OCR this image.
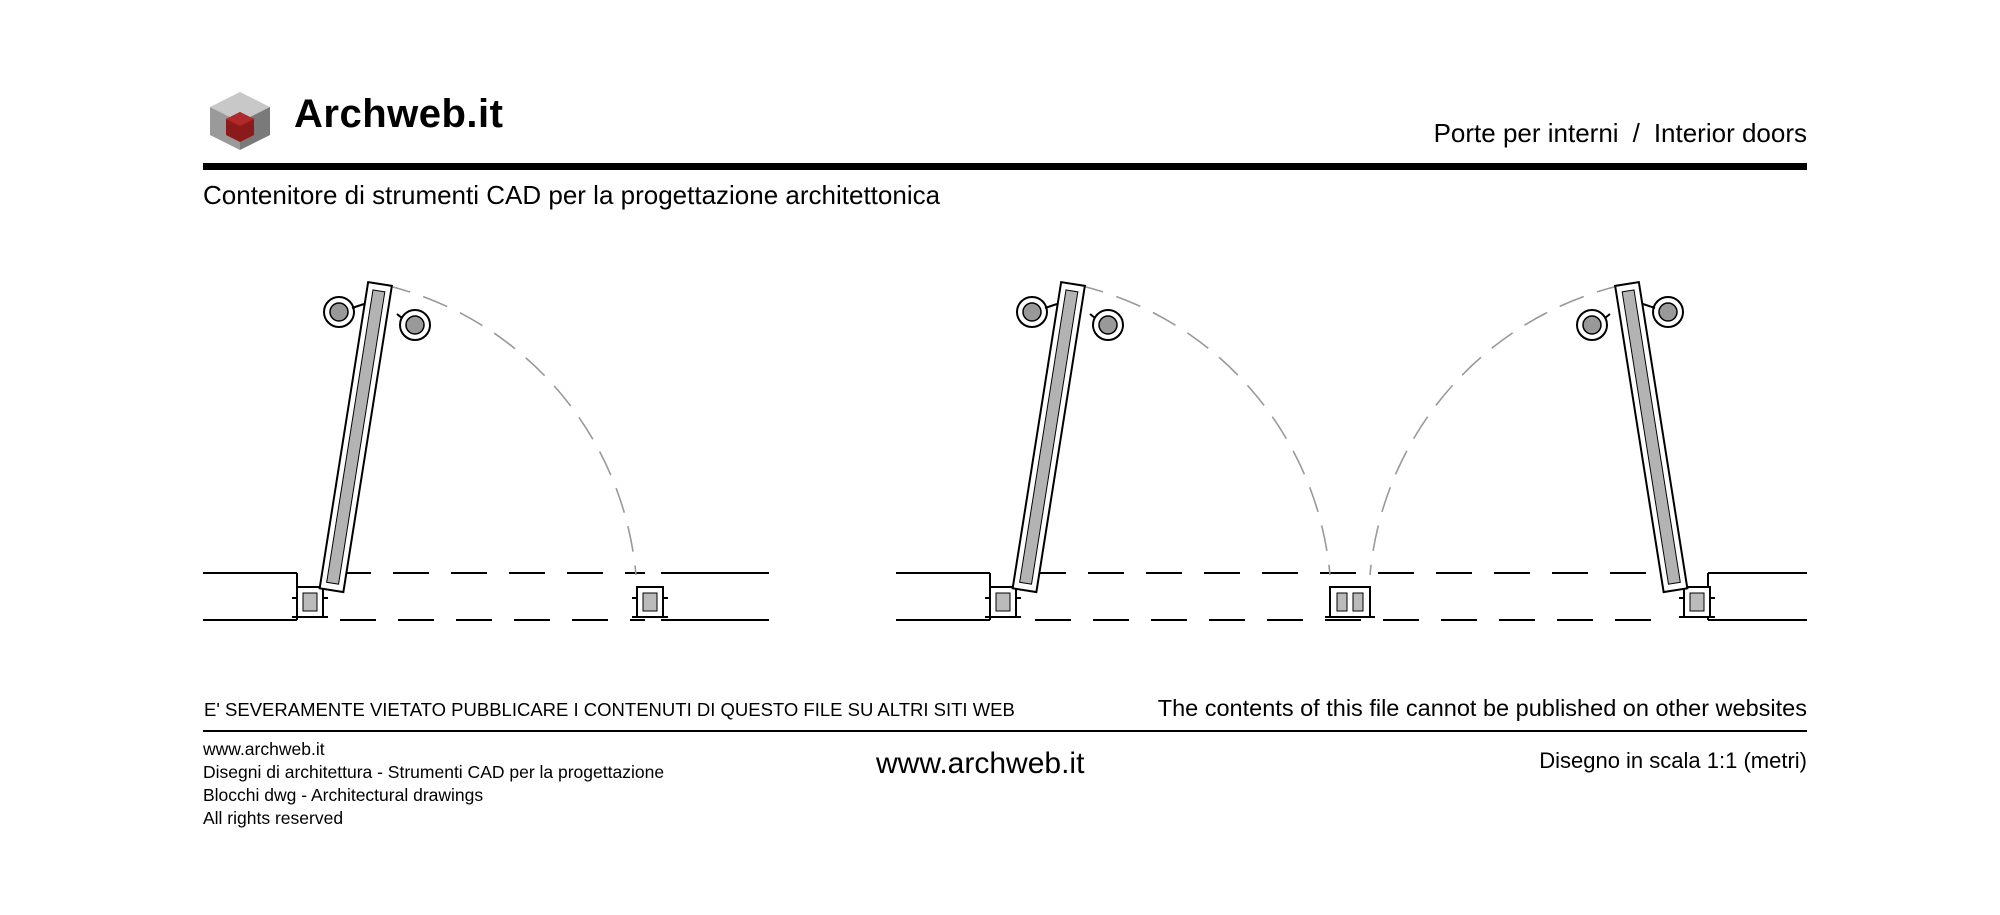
Archweb.it	Porte per interni / Interior doors
Contenitore di strumenti CAD per la progettazione architettonica
E' SEVERAMENTE VIETATO PUBBLICARE I CONTENUTI DI QUESTO FILE SU ALTRI SITI WEB	The contents of this file cannot be published on other websites
www.archweb.it
Disegni di architettura - Strumenti CAD per la progettazione
Blocchi dwg - Architectural drawings
All rights reserved
www.archweb.it	Disegno in scala 1:1 (metri)
